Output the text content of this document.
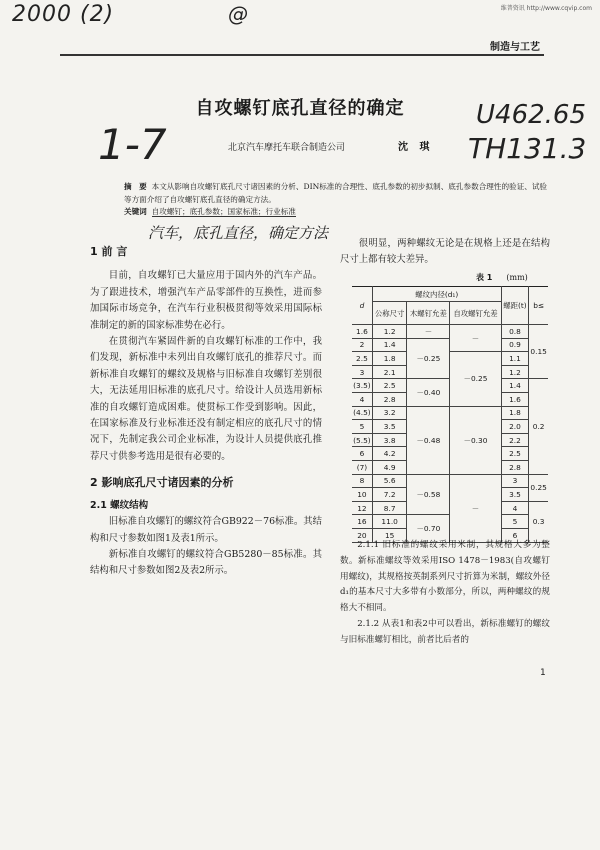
维普资讯 http://www.cqvip.com
2000 (2)	@
制造与工艺
自攻螺钉底孔直径的确定
1-7
U462.65
TH131.3
北京汽车摩托车联合制造公司	沈 琪
摘　要 本文从影响自攻螺钉底孔尺寸诸因素的分析、DIN标准的合理性、底孔参数的初步拟制、底孔参数合理性的验证、试验等方面介绍了自攻螺钉底孔直径的确定方法。
关键词 自攻螺钉；底孔参数；国家标准；行业标准
汽车，底孔直径，确定方法
1 前 言

目前，自攻螺钉已大量应用于国内外的汽车产品。为了跟进技术，增强汽车产品零部件的互换性，进而参加国际市场竞争，在汽车行业积极贯彻等效采用国际标准制定的新的国家标准势在必行。

在贯彻汽车紧固件新的自攻螺钉标准的工作中，我们发现，新标准中未列出自攻螺钉底孔的推荐尺寸。而新标准自攻螺钉的螺纹及规格与旧标准自攻螺钉差别很大，无法延用旧标准的底孔尺寸。给设计人员选用新标准的自攻螺钉造成困难。使贯标工作受到影响。因此，在国家标准及行业标准还没有制定相应的底孔尺寸的情况下，先制定我公司企业标准，为设计人员提供底孔推荐尺寸供参考选用是很有必要的。

2 影响底孔尺寸诸因素的分析
2.1 螺纹结构

旧标准自攻螺钉的螺纹符合GB922－76标准。其结构和尺寸参数如图1及表1所示。

新标准自攻螺钉的螺纹符合GB5280－85标准。其结构和尺寸参数如图2及表2所示。

很明显，两种螺纹无论是在规格上还是在结构尺寸上都有较大差异。

表 1 (mm)
d	螺纹内径(d₁)			螺距(t)	b≤
	公称尺寸	木螺钉允差	自攻螺钉允差		
1.6	1.2	－	－	0.8	0.15
2	1.4	－0.25		0.9	
2.5	1.8		－0.25	1.1	
3	2.1			1.2	
(3.5)	2.5	－0.40		1.4	0.2
4	2.8			1.6	
(4.5)	3.2	－0.48	－0.30	1.8	
5	3.5			2.0	
(5.5)	3.8			2.2	
6	4.2			2.5	
(7)	4.9			2.8	
8	5.6	－0.58	－	3	0.25
10	7.2			3.5	
12	8.7			4	0.3
16	11.0	－0.70		5	
20	15			6	

2.1.1 旧标准的螺纹采用米制，其规格大多为整数。新标准螺纹等效采用ISO 1478－1983(自攻螺钉用螺纹)，其规格按英制系列尺寸折算为米制，螺纹外径d₁的基本尺寸大多带有小数部分，所以，两种螺纹的规格大不相同。

2.1.2 从表1和表2中可以看出，新标准螺钉的螺纹与旧标准螺钉相比，前者比后者的

1
